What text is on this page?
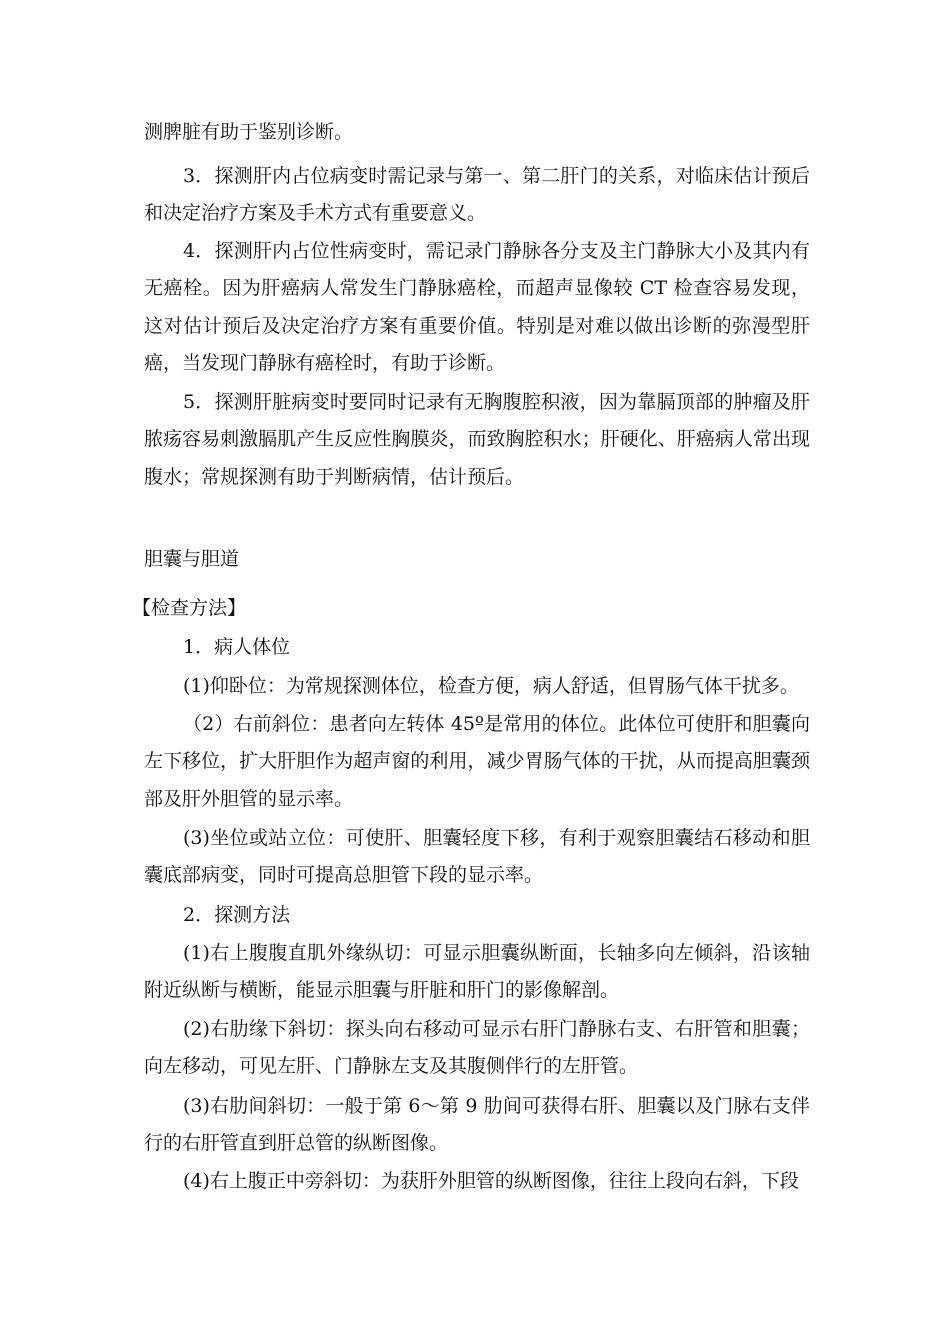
测脾脏有助于鉴别诊断。

3．探测肝内占位病变时需记录与第一、第二肝门的关系，对临床估计预后和决定治疗方案及手术方式有重要意义。

4．探测肝内占位性病变时，需记录门静脉各分支及主门静脉大小及其内有无癌栓。因为肝癌病人常发生门静脉癌栓，而超声显像较 CT 检查容易发现，这对估计预后及决定治疗方案有重要价值。特别是对难以做出诊断的弥漫型肝癌，当发现门静脉有癌栓时，有助于诊断。

5．探测肝脏病变时要同时记录有无胸腹腔积液，因为靠膈顶部的肿瘤及肝脓疡容易刺激膈肌产生反应性胸膜炎，而致胸腔积水；肝硬化、肝癌病人常出现腹水；常规探测有助于判断病情，估计预后。

胆囊与胆道

【检查方法】

1．病人体位

(1)仰卧位：为常规探测体位，检查方便，病人舒适，但胃肠气体干扰多。

（2）右前斜位：患者向左转体 45º是常用的体位。此体位可使肝和胆囊向左下移位，扩大肝胆作为超声窗的利用，减少胃肠气体的干扰，从而提高胆囊颈部及肝外胆管的显示率。

(3)坐位或站立位：可使肝、胆囊轻度下移，有利于观察胆囊结石移动和胆囊底部病变，同时可提高总胆管下段的显示率。

2．探测方法

(1)右上腹腹直肌外缘纵切：可显示胆囊纵断面，长轴多向左倾斜，沿该轴附近纵断与横断，能显示胆囊与肝脏和肝门的影像解剖。

(2)右肋缘下斜切：探头向右移动可显示右肝门静脉右支、右肝管和胆囊；向左移动，可见左肝、门静脉左支及其腹侧伴行的左肝管。

(3)右肋间斜切：一般于第 6～第 9 肋间可获得右肝、胆囊以及门脉右支伴行的右肝管直到肝总管的纵断图像。

(4)右上腹正中旁斜切：为获肝外胆管的纵断图像，往往上段向右斜，下段
